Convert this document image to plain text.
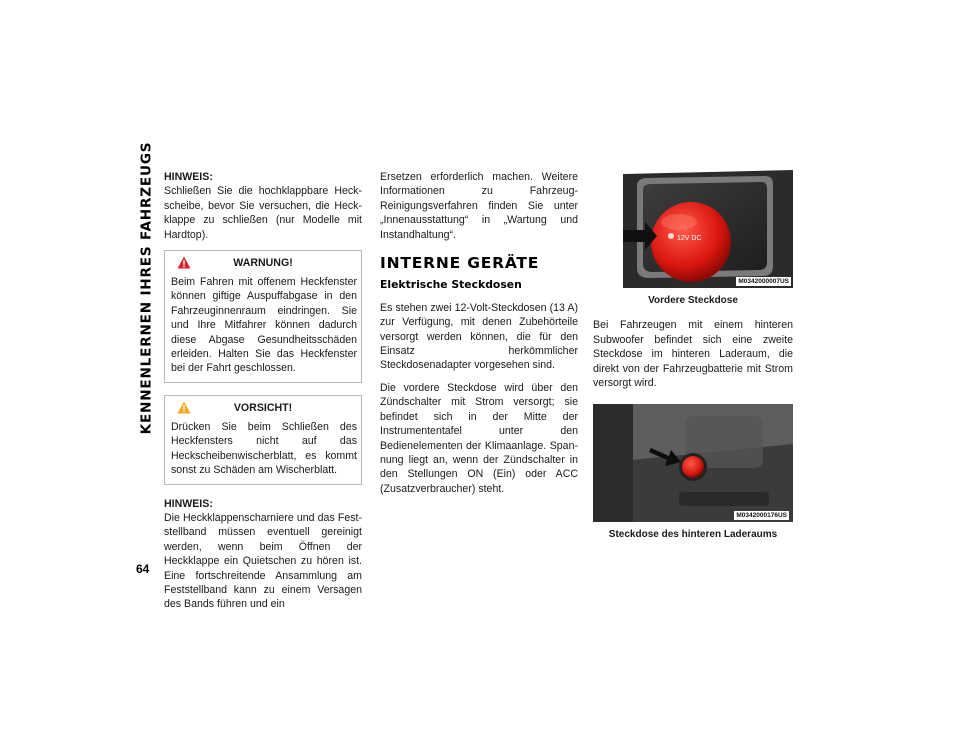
KENNENLERNEN IHRES FAHRZEUGS
64

HINWEIS:

Schließen Sie die hochklappbare Heckscheibe, bevor Sie versuchen, die Heckklappe zu schließen (nur Modelle mit Hardtop).

WARNUNG!

Beim Fahren mit offenem Heckfenster können giftige Auspuffabgase in den Fahrzeuginnenraum eindringen. Sie und Ihre Mitfahrer können dadurch diese Abgase Gesundheitsschäden erleiden. Halten Sie das Heckfenster bei der Fahrt geschlossen.

VORSICHT!

Drücken Sie beim Schließen des Heckfensters nicht auf das Heckscheibenwischerblatt, es kommt sonst zu Schäden am Wischerblatt.

HINWEIS:

Die Heckklappenscharniere und das Feststellband müssen eventuell gereinigt werden, wenn beim Öffnen der Heckklappe ein Quietschen zu hören ist. Eine fortschreitende Ansammlung am Feststellband kann zu einem Versagen des Bands führen und ein

Ersetzen erforderlich machen. Weitere Informationen zu Fahrzeug-Reinigungsverfahren finden Sie unter „Innenausstattung“ in „Wartung und Instandhaltung“.

INTERNE GERÄTE
Elektrische Steckdosen

Es stehen zwei 12-Volt-Steckdosen (13 A) zur Verfügung, mit denen Zubehörteile versorgt werden können, die für den Einsatz herkömmlicher Steckdosenadapter vorgesehen sind.

Die vordere Steckdose wird über den Zündschalter mit Strom versorgt; sie befindet sich in der Mitte der Instrumententafel unter den Bedienelementen der Klimaanlage. Spannung liegt an, wenn der Zündschalter in den Stellungen ON (Ein) oder ACC (Zusatzverbraucher) steht.

12V DC
M0342000007US
Vordere Steckdose

Bei Fahrzeugen mit einem hinteren Subwoofer befindet sich eine zweite Steckdose im hinteren Laderaum, die direkt von der Fahrzeugbatterie mit Strom versorgt wird.

M0342000176US
Steckdose des hinteren Laderaums
